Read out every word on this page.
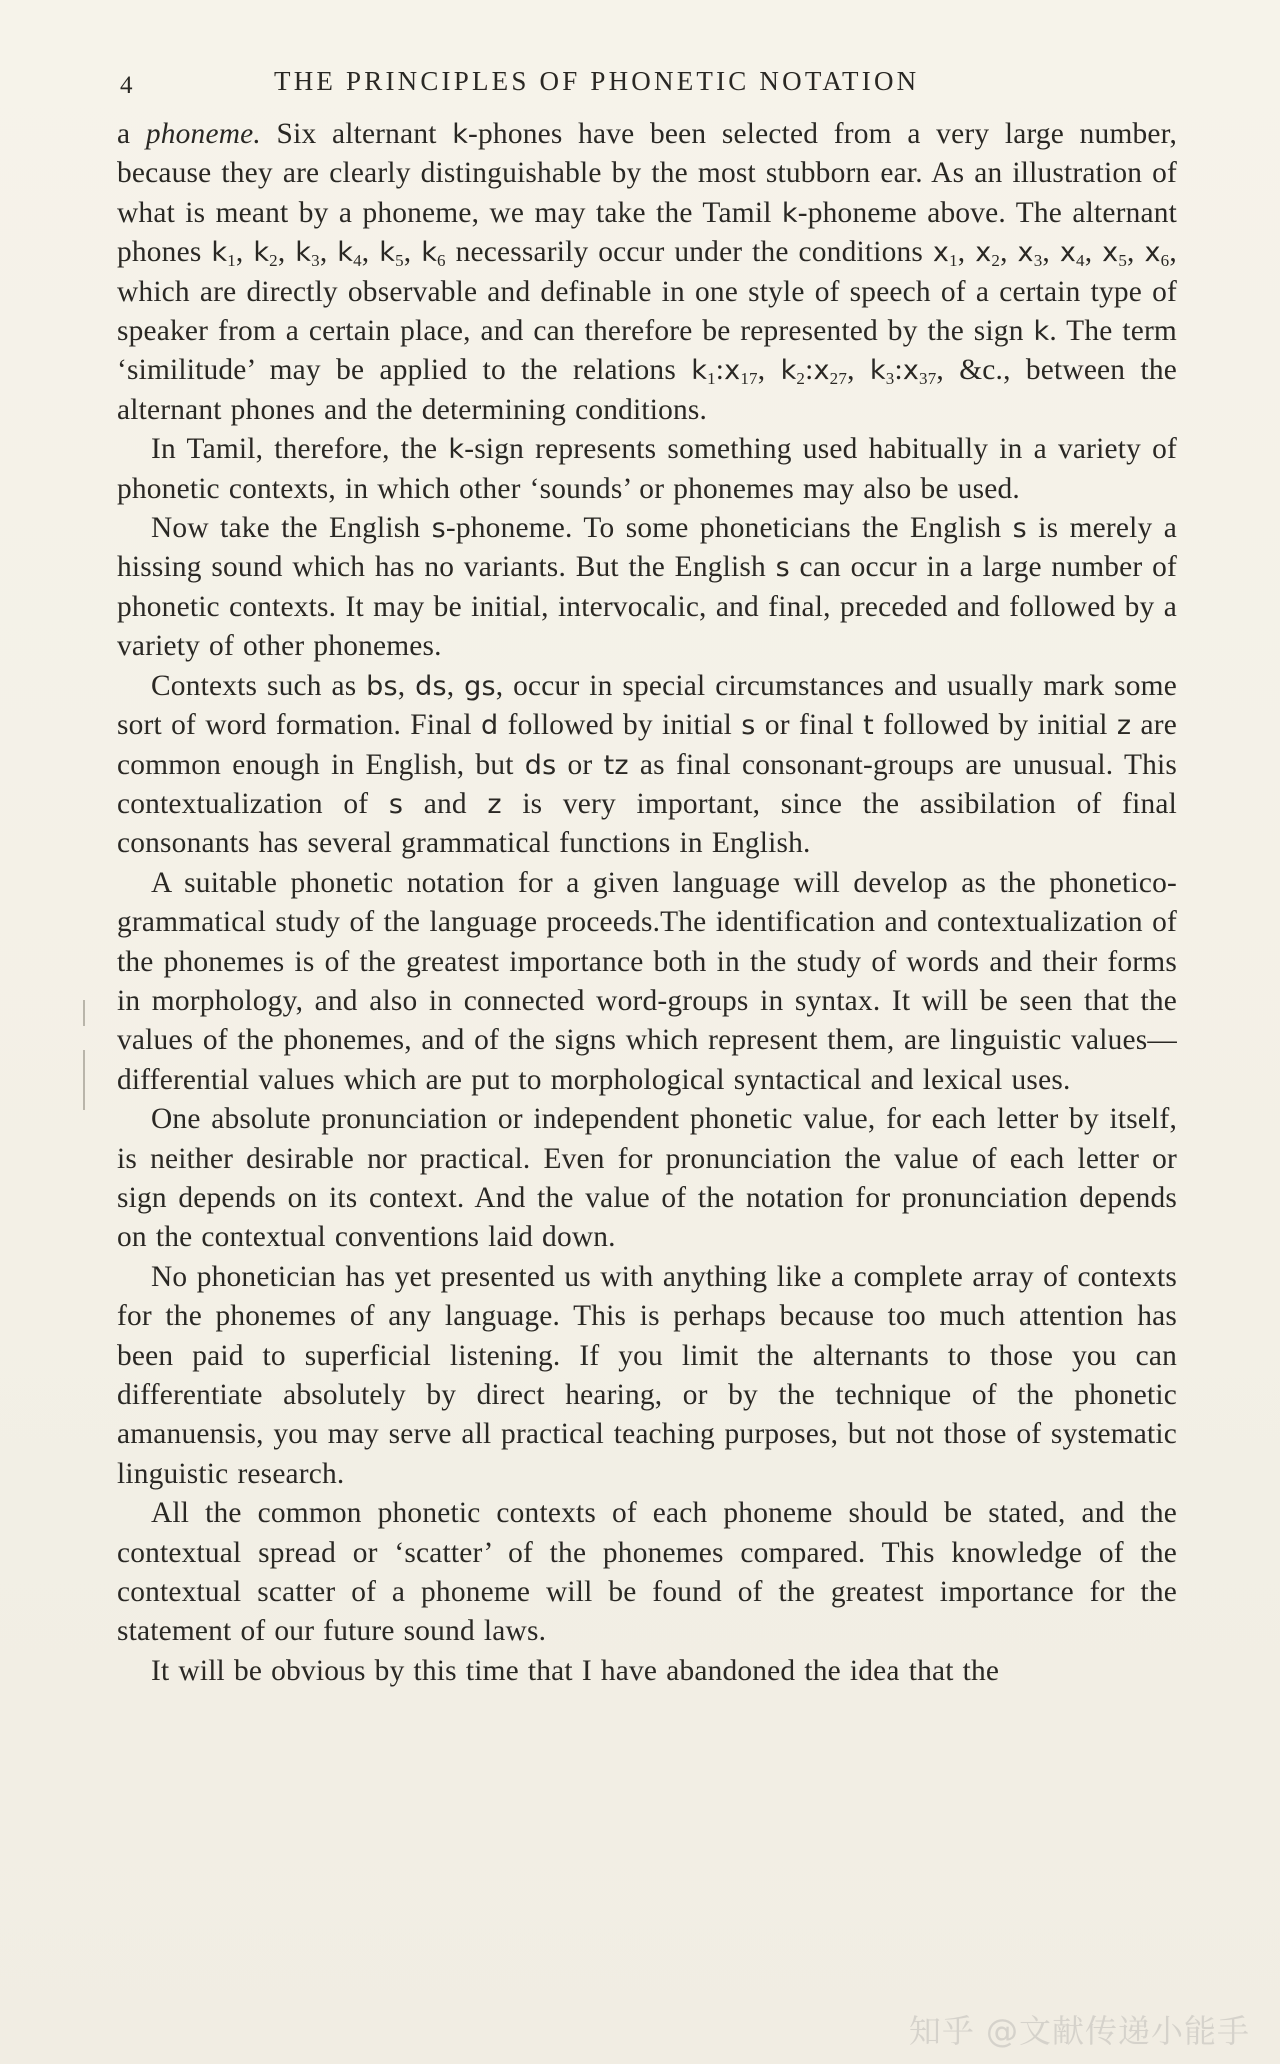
4	THE PRINCIPLES OF PHONETIC NOTATION

a phoneme. Six alternant k-phones have been selected from a very large number, because they are clearly distinguishable by the most stubborn ear. As an illustration of what is meant by a phoneme, we may take the Tamil k-phoneme above. The alternant phones $k_1$, $k_2$, $k_3$, $k_4$, $k_5$, $k_6$ necessarily occur under the conditions $x_1$, $x_2$, $x_3$, $x_4$, $x_5$, $x_6$, which are directly observable and definable in one style of speech of a certain type of speaker from a certain place, and can therefore be represented by the sign k. The term ‘similitude’ may be applied to the relations $k_1:x_{17}$, $k_2:x_{27}$, $k_3:x_{37}$, &c., between the alternant phones and the determining conditions.

In Tamil, therefore, the k-sign represents something used habitually in a variety of phonetic contexts, in which other ‘sounds’ or phonemes may also be used.

Now take the English s-phoneme. To some phoneticians the English s is merely a hissing sound which has no variants. But the English s can occur in a large number of phonetic contexts. It may be initial, intervocalic, and final, preceded and followed by a variety of other phonemes.

Contexts such as bs, ds, gs, occur in special circumstances and usually mark some sort of word formation. Final d followed by initial s or final t followed by initial z are common enough in English, but ds or tz as final consonant-groups are unusual. This contextualization of s and z is very important, since the assibilation of final consonants has several grammatical functions in English.

A suitable phonetic notation for a given language will develop as the phonetico-grammatical study of the language proceeds.The identification and contextualization of the phonemes is of the greatest importance both in the study of words and their forms in morphology, and also in connected word-groups in syntax. It will be seen that the values of the phonemes, and of the signs which represent them, are linguistic values—differential values which are put to morphological syntactical and lexical uses.

One absolute pronunciation or independent phonetic value, for each letter by itself, is neither desirable nor practical. Even for pronunciation the value of each letter or sign depends on its context. And the value of the notation for pronunciation depends on the contextual conventions laid down.

No phonetician has yet presented us with anything like a complete array of contexts for the phonemes of any language. This is perhaps because too much attention has been paid to superficial listening. If you limit the alternants to those you can differentiate absolutely by direct hearing, or by the technique of the phonetic amanuensis, you may serve all practical teaching purposes, but not those of systematic linguistic research.

All the common phonetic contexts of each phoneme should be stated, and the contextual spread or ‘scatter’ of the phonemes compared. This knowledge of the contextual scatter of a phoneme will be found of the greatest importance for the statement of our future sound laws.

It will be obvious by this time that I have abandoned the idea that the

知乎 @文献传递小能手
